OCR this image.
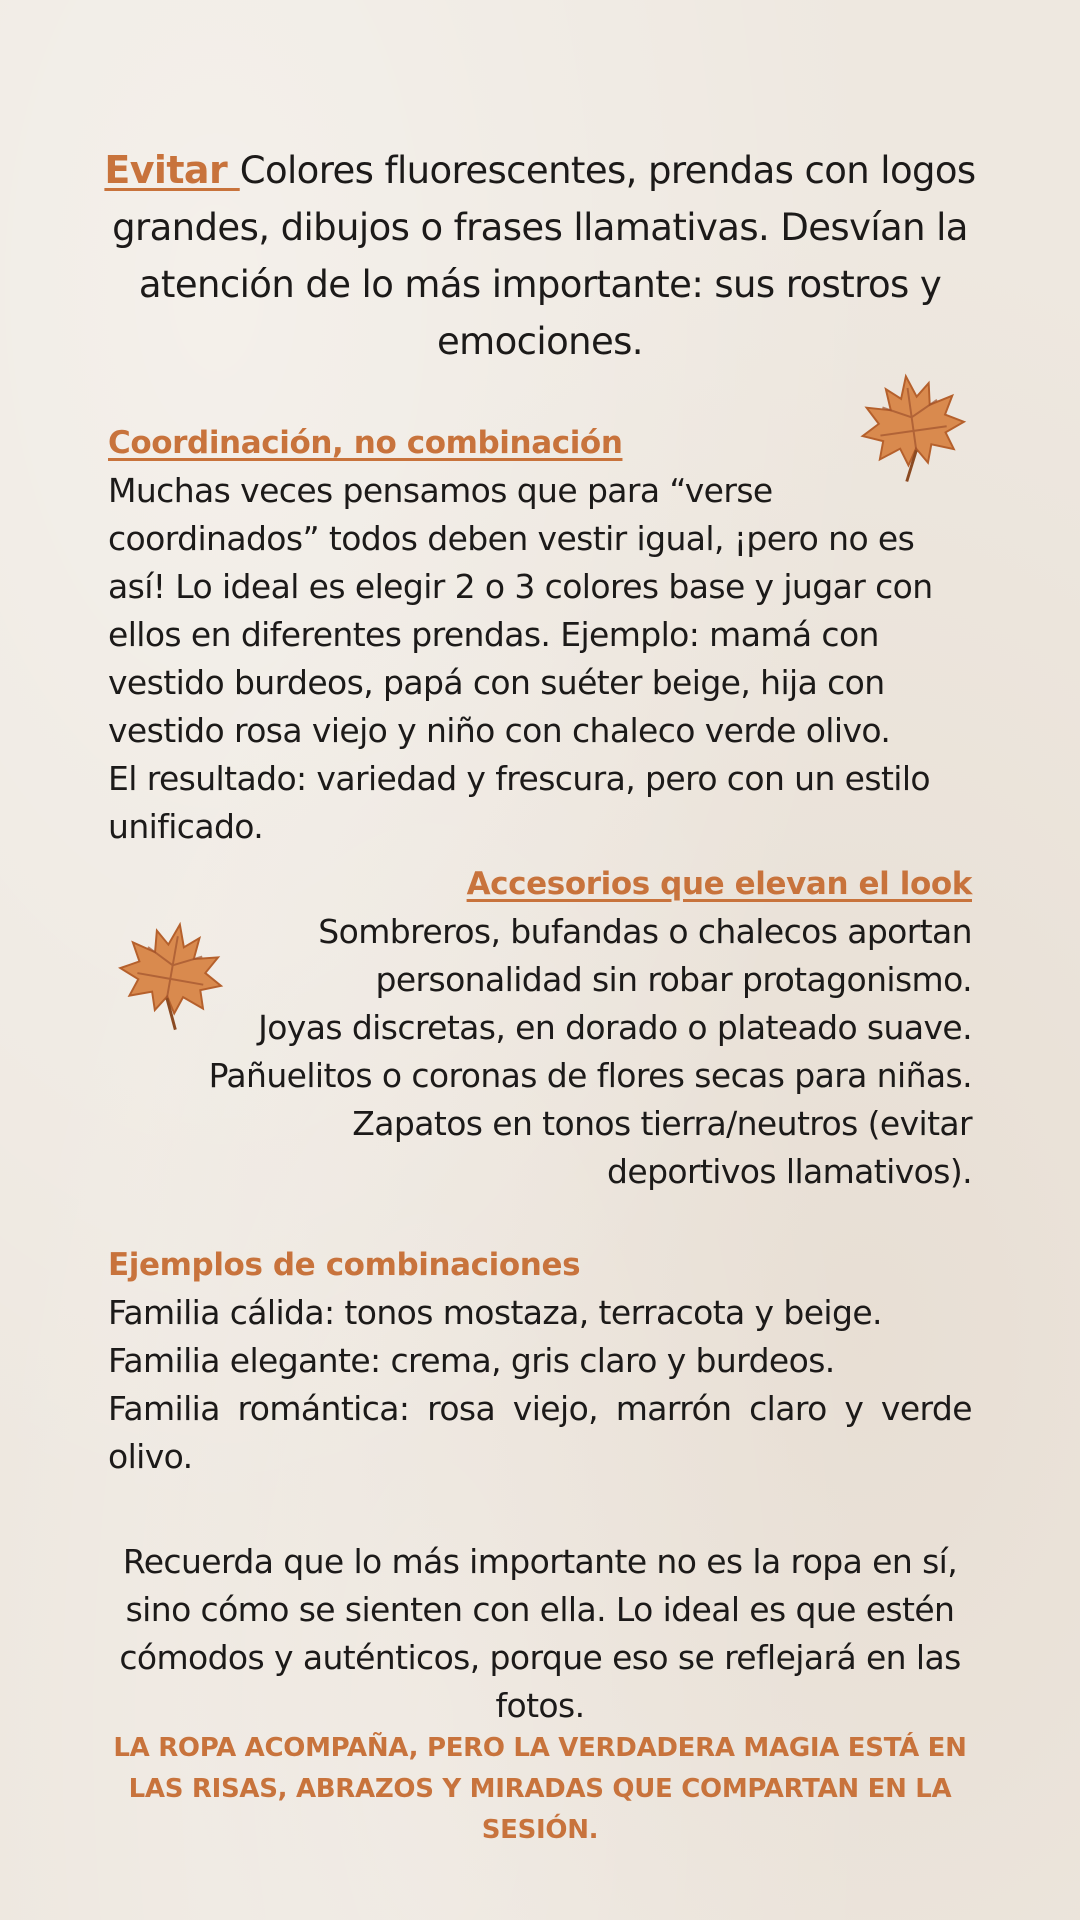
Evitar Colores fluorescentes, prendas con logos grandes, dibujos o frases llamativas. Desvían la atención de lo más importante: sus rostros y emociones.

Coordinación, no combinación

Muchas veces pensamos que para “verse coordinados” todos deben vestir igual, ¡pero no es así! Lo ideal es elegir 2 o 3 colores base y jugar con ellos en diferentes prendas. Ejemplo: mamá con vestido burdeos, papá con suéter beige, hija con vestido rosa viejo y niño con chaleco verde olivo.

El resultado: variedad y frescura, pero con un estilo unificado.

Accesorios que elevan el look

Sombreros, bufandas o chalecos aportan personalidad sin robar protagonismo.

Joyas discretas, en dorado o plateado suave.

Pañuelitos o coronas de flores secas para niñas.

Zapatos en tonos tierra/neutros (evitar deportivos llamativos).

Ejemplos de combinaciones

Familia cálida: tonos mostaza, terracota y beige.

Familia elegante: crema, gris claro y burdeos.

Familia romántica: rosa viejo, marrón claro y verde olivo.

Recuerda que lo más importante no es la ropa en sí, sino cómo se sienten con ella. Lo ideal es que estén cómodos y auténticos, porque eso se reflejará en las fotos.
LA ROPA ACOMPAÑA, PERO LA VERDADERA MAGIA ESTÁ EN LAS RISAS, ABRAZOS Y MIRADAS QUE COMPARTAN EN LA SESIÓN.
